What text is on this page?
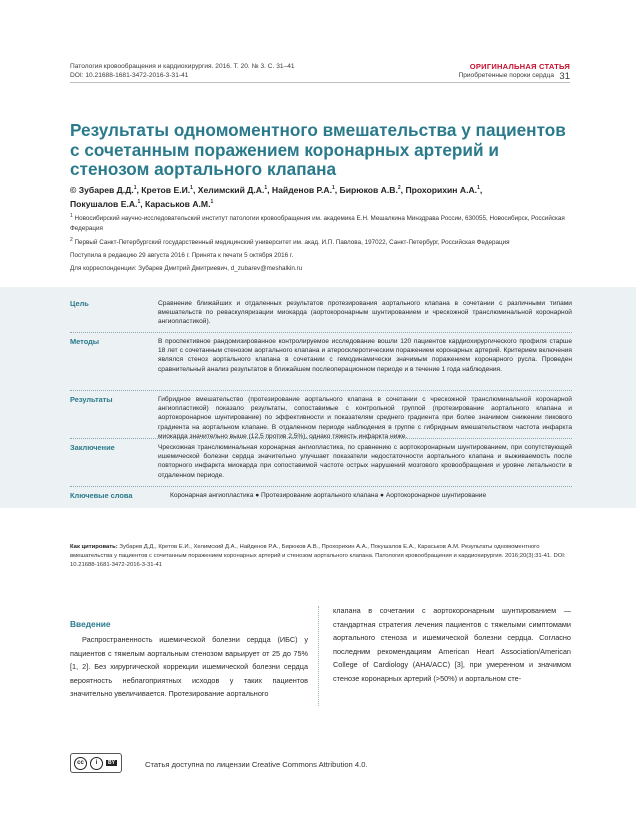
Патология кровообращения и кардиохирургия. 2016. Т. 20. № 3. С. 31–41
DOI: 10.21688-1681-3472-2016-3-31-41
ОРИГИНАЛЬНАЯ СТАТЬЯ
Приобретенные пороки сердца 31
Результаты одномоментного вмешательства у пациентов с сочетанным поражением коронарных артерий и стенозом аортального клапана
© Зубарев Д.Д.$^1$, Кретов Е.И.$^1$, Хелимский Д.А.$^1$, Найденов Р.А.$^1$, Бирюков А.В.$^2$, Прохорихин А.А.$^1$,
Покушалов Е.А.$^1$, Караськов А.М.$^1$
$^1$ Новосибирский научно-исследовательский институт патологии кровообращения им. академика Е.Н. Мешалкина Минздрава России, 630055, Новосибирск, Российская Федерация
$^2$ Первый Санкт-Петербургский государственный медицинский университет им. акад. И.П. Павлова, 197022, Санкт-Петербург, Российская Федерация
Поступила в редакцию 29 августа 2016 г. Принята к печати 5 октября 2016 г.
Для корреспонденции: Зубарев Дмитрий Дмитриевич, d_zubarev@meshalkin.ru
Цель	Сравнение ближайших и отдаленных результатов протезирования аортального клапана в сочетании с различными типами вмешательств по реваскуляризации миокарда (аортокоронарным шунтированием и чрескожной транслюминальной коронарной ангиопластикой).
Методы	В проспективное рандомизированное контролируемое исследование вошли 120 пациентов кардиохирургического профиля старше 18 лет с сочетанным стенозом аортального клапана и атеросклеротическим поражением коронарных артерий. Критерием включения являлся стеноз аортального клапана в сочетании с гемодинамически значимым поражением коронарного русла. Проведен сравнительный анализ результатов в ближайшем послеоперационном периоде и в течение 1 года наблюдения.
Результаты	Гибридное вмешательство (протезирование аортального клапана в сочетании с чрескожной транслюминальной коронарной ангиопластикой) показало результаты, сопоставимые с контрольной группой (протезирование аортального клапана и аортокоронарное шунтирование) по эффективности и показателям среднего градиента при более значимом снижении пикового градиента на аортальном клапане. В отдаленном периоде наблюдения в группе с гибридным вмешательством частота инфаркта миокарда значительно выше (12,5 против 2,5%), однако тяжесть инфаркта ниже.
Заключение	Чрескожная транслюминальная коронарная ангиопластика, по сравнению с аортокоронарным шунтированием, при сопутствующей ишемической болезни сердца значительно улучшает показатели недостаточности аортального клапана и выживаемость после повторного инфаркта миокарда при сопоставимой частоте острых нарушений мозгового кровообращения и уровне летальности в отдаленном периоде.
Ключевые слова	Коронарная ангиопластика ● Протезирование аортального клапана ● Аортокоронарное шунтирование
Как цитировать: Зубарев Д.Д., Кретов Е.И., Хелимский Д.А., Найденов Р.А., Бирюков А.В., Прохорихин А.А., Покушалов Е.А., Караськов А.М. Результаты одномоментного вмешательства у пациентов с сочетанным поражением коронарных артерий и стенозом аортального клапана. Патология кровообращения и кардиохирургия. 2016;20(3):31-41. DOI: 10.21688-1681-3472-2016-3-31-41
Введение
Распространенность ишемической болезни сердца (ИБС) у пациентов с тяжелым аортальным стенозом варьирует от 25 до 75% [1, 2]. Без хирургической коррекции ишемической болезни сердца вероятность неблагоприятных исходов у таких пациентов значительно увеличивается. Протезирование аортального
клапана в сочетании с аортокоронарным шунтированием — стандартная стратегия лечения пациентов с тяжелыми симптомами аортального стеноза и ишемической болезни сердца. Согласно последним рекомендациям American Heart Association/American College of Cardiology (AHA/ACC) [3], при умеренном и значимом стенозе коронарных артерий (>50%) и аортальном сте-
cc	i	BY	Статья доступна по лицензии Creative Commons Attribution 4.0.
